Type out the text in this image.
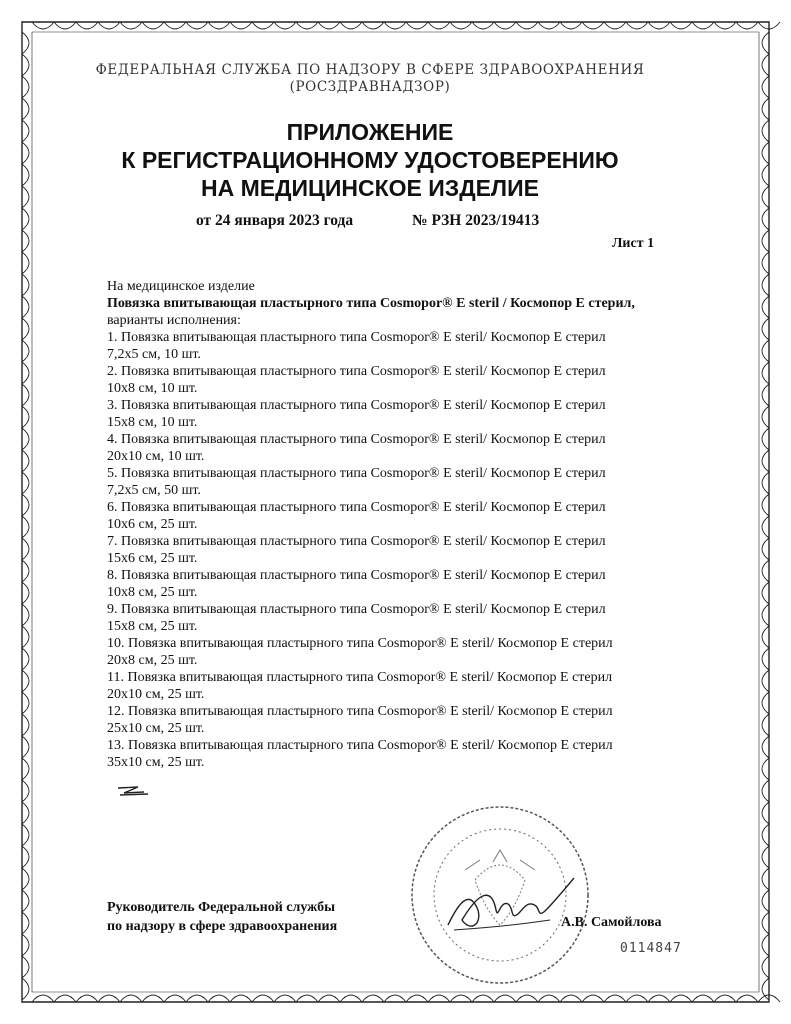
ФЕДЕРАЛЬНАЯ СЛУЖБА ПО НАДЗОРУ В СФЕРЕ ЗДРАВООХРАНЕНИЯ
(РОСЗДРАВНАДЗОР)
ПРИЛОЖЕНИЕ
К РЕГИСТРАЦИОННОМУ УДОСТОВЕРЕНИЮ
НА МЕДИЦИНСКОЕ ИЗДЕЛИЕ
от 24 января 2023 года	№ РЗН 2023/19413
Лист 1
На медицинское изделие
Повязка впитывающая пластырного типа Cosmopor® E steril / Космопор Е стерил,
варианты исполнения:
1. Повязка впитывающая пластырного типа Cosmopor® E steril/ Космопор Е стерил
7,2x5 см, 10 шт.
2. Повязка впитывающая пластырного типа Cosmopor® E steril/ Космопор Е стерил
10x8 см, 10 шт.
3. Повязка впитывающая пластырного типа Cosmopor® E steril/ Космопор Е стерил
15x8 см, 10 шт.
4. Повязка впитывающая пластырного типа Cosmopor® E steril/ Космопор Е стерил
20x10 см, 10 шт.
5. Повязка впитывающая пластырного типа Cosmopor® E steril/ Космопор Е стерил
7,2x5 см, 50 шт.
6. Повязка впитывающая пластырного типа Cosmopor® E steril/ Космопор Е стерил
10x6 см, 25 шт.
7. Повязка впитывающая пластырного типа Cosmopor® E steril/ Космопор Е стерил
15x6 см, 25 шт.
8. Повязка впитывающая пластырного типа Cosmopor® E steril/ Космопор Е стерил
10x8 см, 25 шт.
9. Повязка впитывающая пластырного типа Cosmopor® E steril/ Космопор Е стерил
15x8 см, 25 шт.
10. Повязка впитывающая пластырного типа Cosmopor® E steril/ Космопор Е стерил
20x8 см, 25 шт.
11. Повязка впитывающая пластырного типа Cosmopor® E steril/ Космопор Е стерил
20x10 см, 25 шт.
12. Повязка впитывающая пластырного типа Cosmopor® E steril/ Космопор Е стерил
25x10 см, 25 шт.
13. Повязка впитывающая пластырного типа Cosmopor® E steril/ Космопор Е стерил
35x10 см, 25 шт.
Руководитель Федеральной службы
по надзору в сфере здравоохранения	А.В. Самойлова
0114847
